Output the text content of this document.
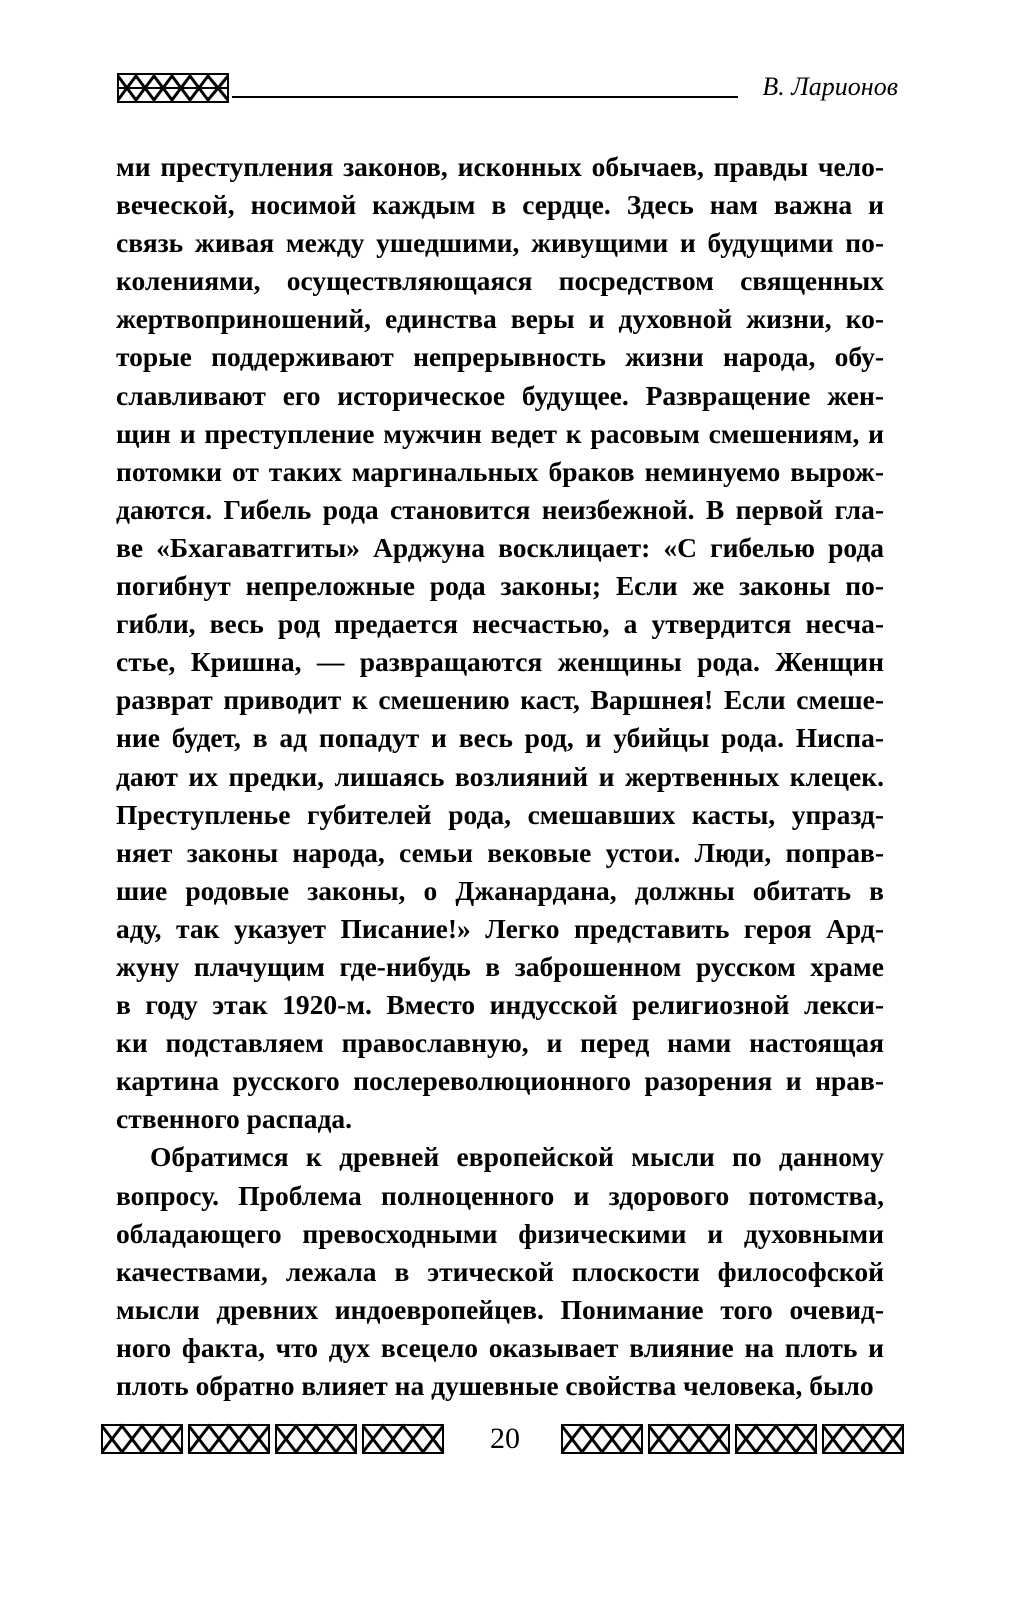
В. Ларионов
ми преступления законов, исконных обычаев, правды чело-
веческой, носимой каждым в сердце. Здесь нам важна и
связь живая между ушедшими, живущими и будущими по-
колениями, осуществляющаяся посредством священных
жертвоприношений, единства веры и духовной жизни, ко-
торые поддерживают непрерывность жизни народа, обу-
славливают его историческое будущее. Развращение жен-
щин и преступление мужчин ведет к расовым смешениям, и
потомки от таких маргинальных браков неминуемо вырож-
даются. Гибель рода становится неизбежной. В первой гла-
ве «Бхагаватгиты» Арджуна восклицает: «С гибелью рода
погибнут непреложные рода законы; Если же законы по-
гибли, весь род предается несчастью, а утвердится несча-
стье, Кришна, — развращаются женщины рода. Женщин
разврат приводит к смешению каст, Варшнея! Если смеше-
ние будет, в ад попадут и весь род, и убийцы рода. Ниспа-
дают их предки, лишаясь возлияний и жертвенных клецек.
Преступленье губителей рода, смешавших касты, упразд-
няет законы народа, семьи вековые устои. Люди, поправ-
шие родовые законы, о Джанардана, должны обитать в
аду, так указует Писание!» Легко представить героя Ард-
жуну плачущим где-нибудь в заброшенном русском храме
в году этак 1920-м. Вместо индусской религиозной лекси-
ки подставляем православную, и перед нами настоящая
картина русского послереволюционного разорения и нрав-
ственного распада.
Обратимся к древней европейской мысли по данному
вопросу. Проблема полноценного и здорового потомства,
обладающего превосходными физическими и духовными
качествами, лежала в этической плоскости философской
мысли древних индоевропейцев. Понимание того очевид-
ного факта, что дух всецело оказывает влияние на плоть и
плоть обратно влияет на душевные свойства человека, было
20
